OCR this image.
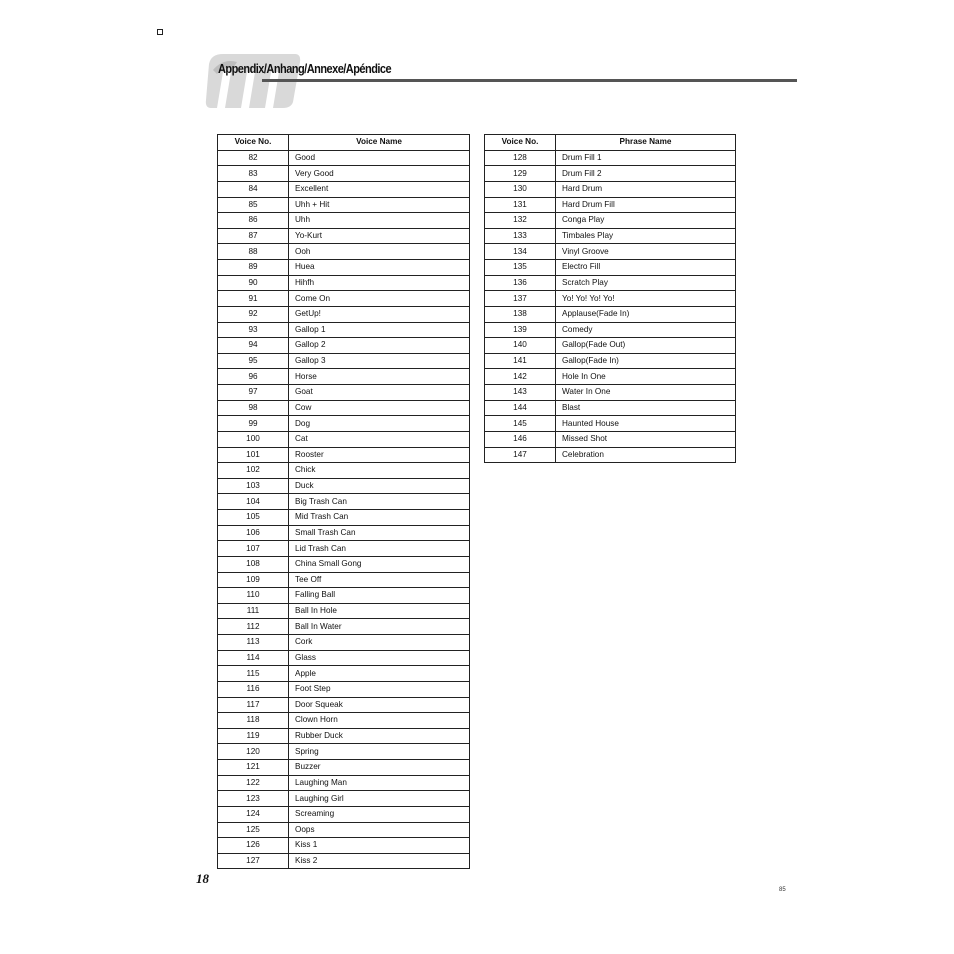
Appendix/Anhang/Annexe/Apéndice
Voice No.	Voice Name
82	Good
83	Very Good
84	Excellent
85	Uhh + Hit
86	Uhh
87	Yo-Kurt
88	Ooh
89	Huea
90	Hihfh
91	Come On
92	GetUp!
93	Gallop 1
94	Gallop 2
95	Gallop 3
96	Horse
97	Goat
98	Cow
99	Dog
100	Cat
101	Rooster
102	Chick
103	Duck
104	Big Trash Can
105	Mid Trash Can
106	Small Trash Can
107	Lid Trash Can
108	China Small Gong
109	Tee Off
110	Falling Ball
111	Ball In Hole
112	Ball In Water
113	Cork
114	Glass
115	Apple
116	Foot Step
117	Door Squeak
118	Clown Horn
119	Rubber Duck
120	Spring
121	Buzzer
122	Laughing Man
123	Laughing Girl
124	Screaming
125	Oops
126	Kiss 1
127	Kiss 2
Voice No.	Phrase Name
128	Drum Fill 1
129	Drum Fill 2
130	Hard Drum
131	Hard Drum Fill
132	Conga Play
133	Timbales Play
134	Vinyl Groove
135	Electro Fill
136	Scratch Play
137	Yo! Yo! Yo! Yo!
138	Applause(Fade In)
139	Comedy
140	Gallop(Fade Out)
141	Gallop(Fade In)
142	Hole In One
143	Water In One
144	Blast
145	Haunted House
146	Missed Shot
147	Celebration
18
85
